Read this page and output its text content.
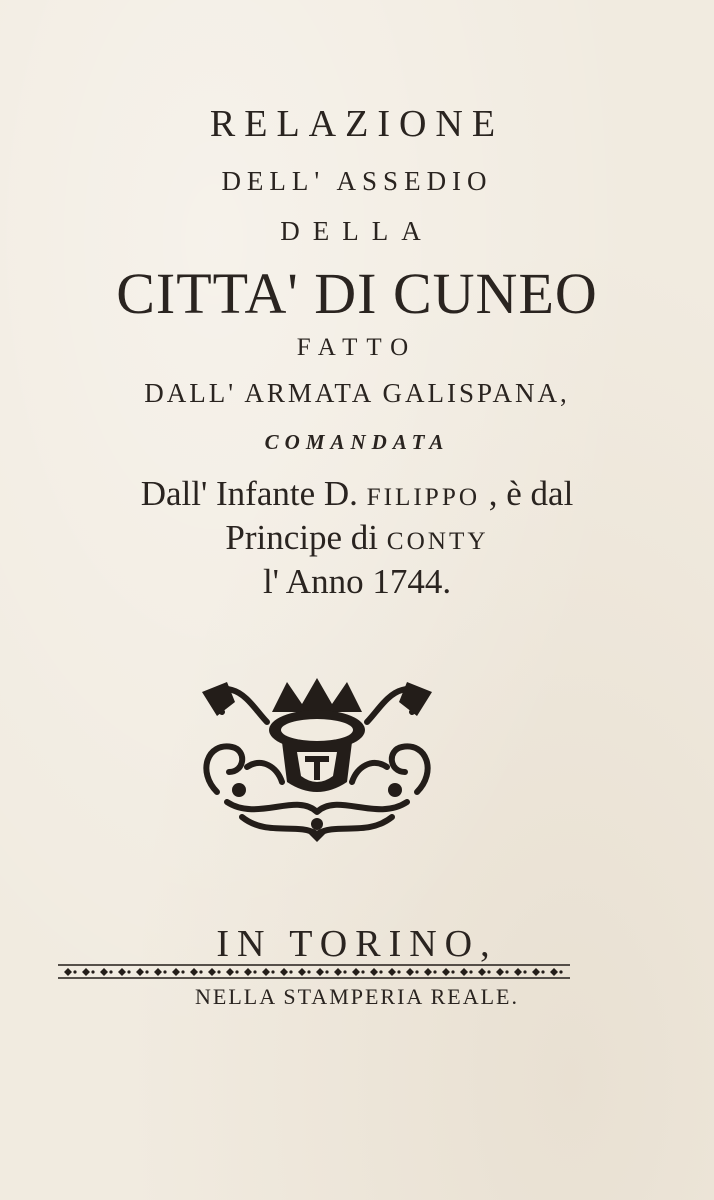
RELAZIONE

DELL' ASSEDIO

DELLA

CITTA' DI CUNEO

FATTO

DALL' ARMATA GALISPANA,

COMANDATA

Dall' Infante D. FILIPPO , è dal

Principe di CONTY

l' Anno 1744.

IN TORINO,

NELLA STAMPERIA REALE.
